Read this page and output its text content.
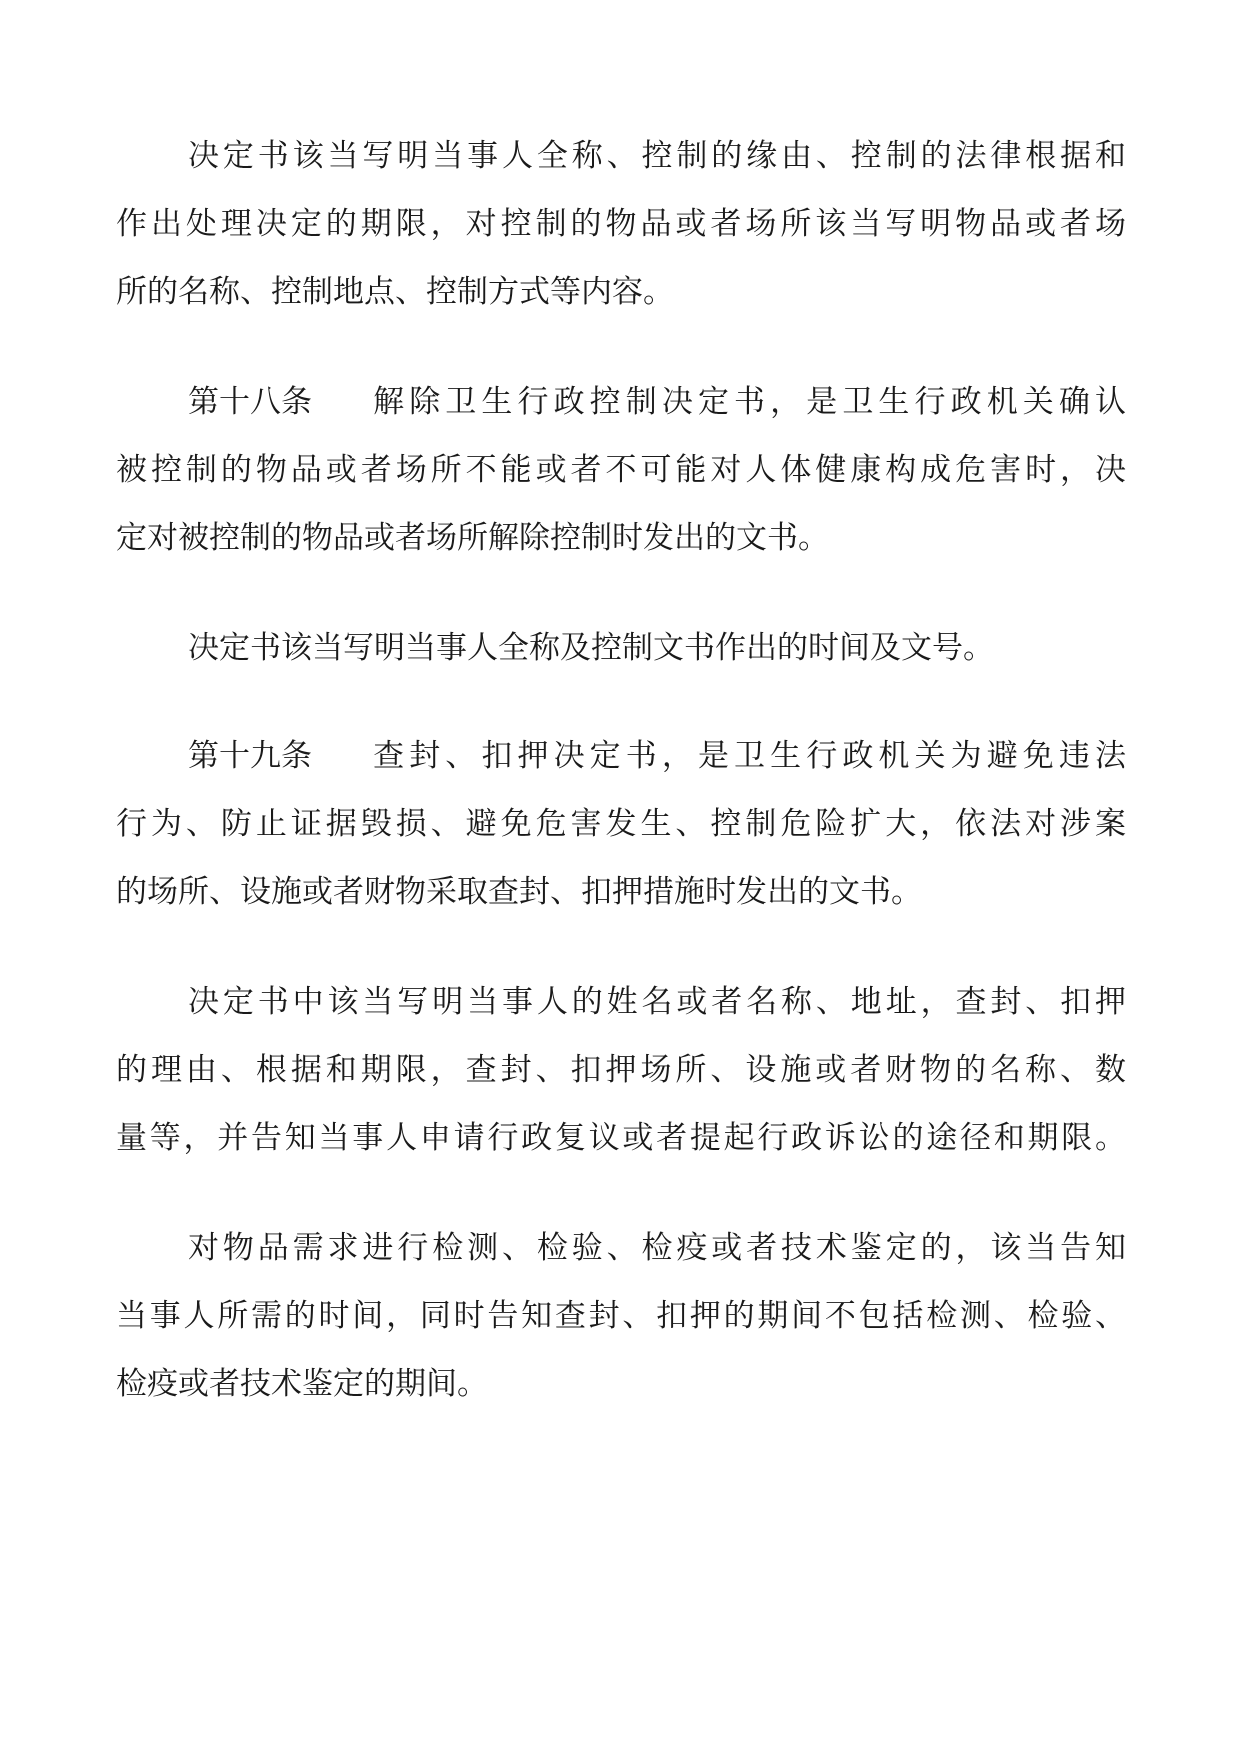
决定书该当写明当事人全称、控制的缘由、控制的法律根据和
作出处理决定的期限，对控制的物品或者场所该当写明物品或者场
所的名称、控制地点、控制方式等内容。
第十八条 解除卫生行政控制决定书，是卫生行政机关确认
被控制的物品或者场所不能或者不可能对人体健康构成危害时，决
定对被控制的物品或者场所解除控制时发出的文书。
决定书该当写明当事人全称及控制文书作出的时间及文号。
第十九条 查封、扣押决定书，是卫生行政机关为避免违法
行为、防止证据毁损、避免危害发生、控制危险扩大，依法对涉案
的场所、设施或者财物采取查封、扣押措施时发出的文书。
决定书中该当写明当事人的姓名或者名称、地址，查封、扣押
的理由、根据和期限，查封、扣押场所、设施或者财物的名称、数
量等，并告知当事人申请行政复议或者提起行政诉讼的途径和期限。
对物品需求进行检测、检验、检疫或者技术鉴定的，该当告知
当事人所需的时间，同时告知查封、扣押的期间不包括检测、检验、
检疫或者技术鉴定的期间。
